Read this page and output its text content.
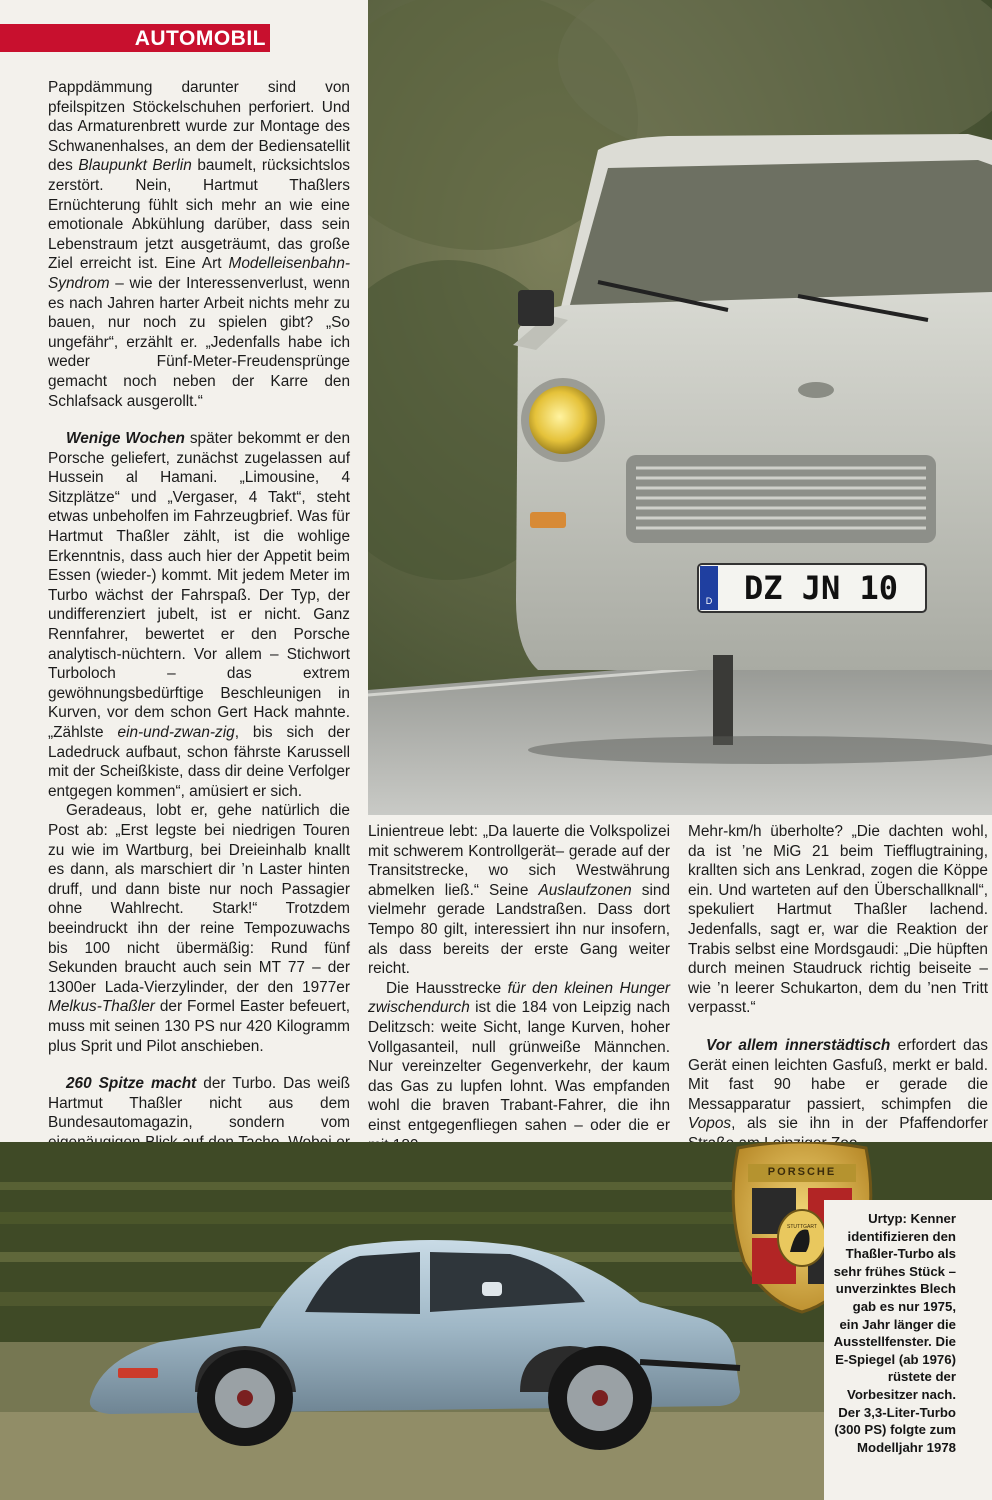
AUTOMOBIL

Pappdämmung darunter sind von pfeilspitzen Stöckelschuhen perforiert. Und das Armaturenbrett wurde zur Montage des Schwanenhalses, an dem der Bediensatellit des Blaupunkt Berlin baumelt, rücksichtslos zerstört. Nein, Hartmut Thaßlers Ernüchterung fühlt sich mehr an wie eine emotionale Abkühlung darüber, dass sein Lebenstraum jetzt ausgeträumt, das große Ziel erreicht ist. Eine Art Modelleisenbahn-Syndrom – wie der Interessenverlust, wenn es nach Jahren harter Arbeit nichts mehr zu bauen, nur noch zu spielen gibt? „So ungefähr“, erzählt er. „Jedenfalls habe ich weder Fünf-Meter-Freudensprünge gemacht noch neben der Karre den Schlafsack ausgerollt.“

Wenige Wochen später bekommt er den Porsche geliefert, zunächst zugelassen auf Hussein al Hamani. „Limousine, 4 Sitzplätze“ und „Vergaser, 4 Takt“, steht etwas unbeholfen im Fahrzeugbrief. Was für Hartmut Thaßler zählt, ist die wohlige Erkenntnis, dass auch hier der Appetit beim Essen (wieder-) kommt. Mit jedem Meter im Turbo wächst der Fahrspaß. Der Typ, der undifferenziert jubelt, ist er nicht. Ganz Rennfahrer, bewertet er den Porsche analytisch-nüchtern. Vor allem – Stichwort Turboloch – das extrem gewöhnungsbedürftige Beschleunigen in Kurven, vor dem schon Gert Hack mahnte. „Zählste ein-und-zwan-zig, bis sich der Ladedruck aufbaut, schon fährste Karussell mit der Scheißkiste, dass dir deine Verfolger entgegen kommen“, amüsiert er sich.

Geradeaus, lobt er, gehe natürlich die Post ab: „Erst legste bei niedrigen Touren zu wie im Wartburg, bei Dreieinhalb knallt es dann, als marschiert dir ’n Laster hinten druff, und dann biste nur noch Passagier ohne Wahlrecht. Stark!“ Trotzdem beeindruckt ihn der reine Tempozuwachs bis 100 nicht übermäßig: Rund fünf Sekunden braucht auch sein MT 77 – der 1300er Lada-Vierzylinder, der den 1977er Melkus-Thaßler der Formel Easter befeuert, muss mit seinen 130 PS nur 420 Kilogramm plus Sprit und Pilot anschieben.

260 Spitze macht der Turbo. Das weiß Hartmut Thaßler nicht aus dem Bundesautomagazin, sondern vom

DZ JN 10
D

Linientreue lebt: „Da lauerte die Volkspolizei mit schwerem Kontrollgerät– gerade auf der Transitstrecke, wo sich Westwährung abmelken ließ.“ Seine Auslaufzonen sind vielmehr gerade Landstraßen. Dass dort Tempo 80 gilt, interessiert ihn nur insofern, als dass bereits der erste Gang weiter reicht.

Die Hausstrecke für den kleinen Hunger zwischendurch ist die 184 von Leipzig nach Delitzsch: weite Sicht, lange Kurven, hoher Vollgasanteil, null grünweiße Männchen. Nur vereinzelter Gegenverkehr, der kaum das Gas zu lupfen lohnt. Was empfanden wohl die braven Trabant-Fahrer, die ihn einst entgegenfliegen sahen – oder die er

Mehr-km/h überholte? „Die dachten wohl, da ist ’ne MiG 21 beim Tiefflugtraining, krallten sich ans Lenkrad, zogen die Köppe ein. Und warteten auf den Überschallknall“, spekuliert Hartmut Thaßler lachend. Jedenfalls, sagt er, war die Reaktion der Trabis selbst eine Mordsgaudi: „Die hüpften durch meinen Staudruck richtig beiseite – wie ’n leerer Schukarton, dem du ’nen Tritt verpasst.“

Vor allem innerstädtisch erfordert das Gerät einen leichten Gasfuß, merkt er bald. Mit fast 90 habe er gerade die Messapparatur passiert, schimpfen die Vopos, als sie ihn in der Pfaffendorfer

PORSCHE
STUTTGART
Urtyp: Kenner identifizieren den Thaßler-Turbo als sehr frühes Stück – unverzinktes Blech gab es nur 1975, ein Jahr länger die Ausstellfenster. Die E-Spiegel (ab 1976) rüstete der Vorbesitzer nach. Der 3,3-Liter-Turbo (300 PS) folgte zum Modelljahr 1978
